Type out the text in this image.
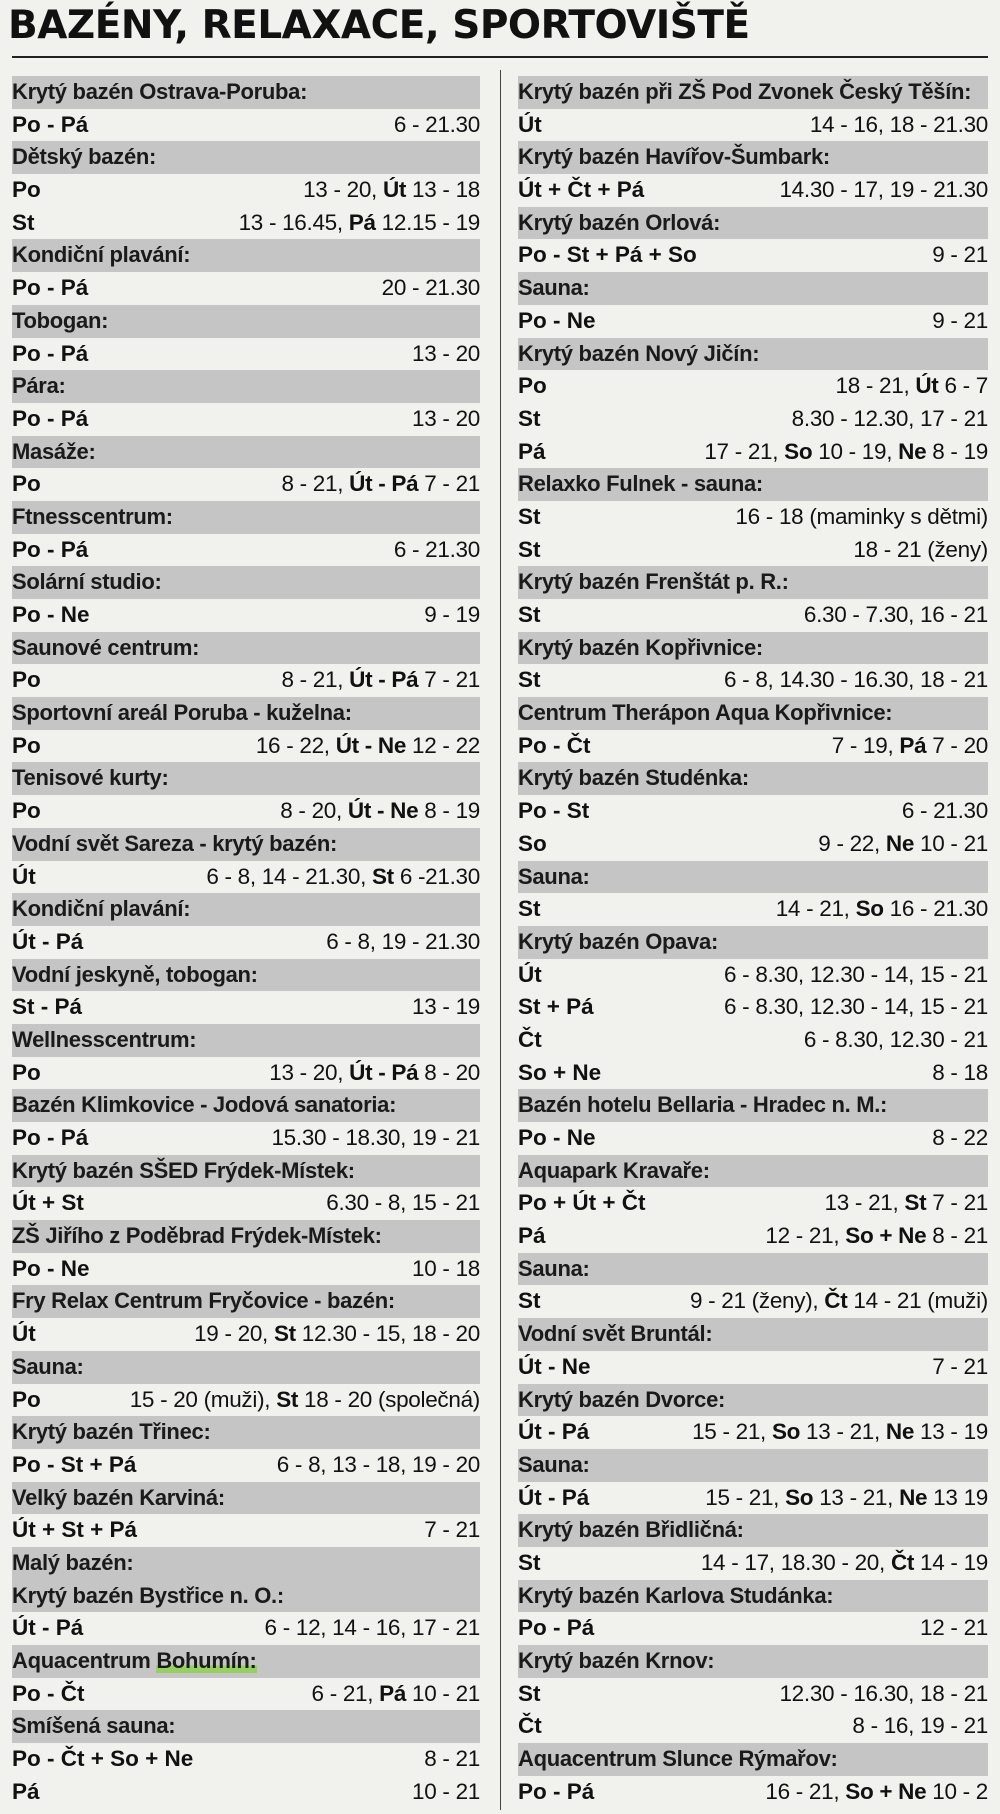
BAZÉNY, RELAXACE, SPORTOVIŠTĚ
Krytý bazén Ostrava-Poruba:
Po - Pá	6 - 21.30
Dětský bazén:
Po	13 - 20, Út 13 - 18
St	13 - 16.45, Pá 12.15 - 19
Kondiční plavání:
Po - Pá	20 - 21.30
Tobogan:
Po - Pá	13 - 20
Pára:
Po - Pá	13 - 20
Masáže:
Po	8 - 21, Út - Pá 7 - 21
Ftnesscentrum:
Po - Pá	6 - 21.30
Solární studio:
Po - Ne	9 - 19
Saunové centrum:
Po	8 - 21, Út - Pá 7 - 21
Sportovní areál Poruba - kuželna:
Po	16 - 22, Út - Ne 12 - 22
Tenisové kurty:
Po	8 - 20, Út - Ne 8 - 19
Vodní svět Sareza - krytý bazén:
Út	6 - 8, 14 - 21.30, St 6 -21.30
Kondiční plavání:
Út - Pá	6 - 8, 19 - 21.30
Vodní jeskyně, tobogan:
St - Pá	13 - 19
Wellnesscentrum:
Po	13 - 20, Út - Pá 8 - 20
Bazén Klimkovice - Jodová sanatoria:
Po - Pá	15.30 - 18.30, 19 - 21
Krytý bazén SŠED Frýdek-Místek:
Út + St	6.30 - 8, 15 - 21
ZŠ Jiřího z Poděbrad Frýdek-Místek:
Po - Ne	10 - 18
Fry Relax Centrum Fryčovice - bazén:
Út	19 - 20, St 12.30 - 15, 18 - 20
Sauna:
Po	15 - 20 (muži), St 18 - 20 (společná)
Krytý bazén Třinec:
Po - St + Pá	6 - 8, 13 - 18, 19 - 20
Velký bazén Karviná:
Út + St + Pá	7 - 21
Malý bazén:
Krytý bazén Bystřice n. O.:
Út - Pá	6 - 12, 14 - 16, 17 - 21
Aquacentrum Bohumín:
Po - Čt	6 - 21, Pá 10 - 21
Smíšená sauna:
Po - Čt + So + Ne	8 - 21
Pá	10 - 21
Krytý bazén při ZŠ Pod Zvonek Český Těšín:
Út	14 - 16, 18 - 21.30
Krytý bazén Havířov-Šumbark:
Út + Čt + Pá	14.30 - 17, 19 - 21.30
Krytý bazén Orlová:
Po - St + Pá + So	9 - 21
Sauna:
Po - Ne	9 - 21
Krytý bazén Nový Jičín:
Po	18 - 21, Út 6 - 7
St	8.30 - 12.30, 17 - 21
Pá	17 - 21, So 10 - 19, Ne 8 - 19
Relaxko Fulnek - sauna:
St	16 - 18 (maminky s dětmi)
St	18 - 21 (ženy)
Krytý bazén Frenštát p. R.:
St	6.30 - 7.30, 16 - 21
Krytý bazén Kopřivnice:
St	6 - 8, 14.30 - 16.30, 18 - 21
Centrum Therápon Aqua Kopřivnice:
Po - Čt	7 - 19, Pá 7 - 20
Krytý bazén Studénka:
Po - St	6 - 21.30
So	9 - 22, Ne 10 - 21
Sauna:
St	14 - 21, So 16 - 21.30
Krytý bazén Opava:
Út	6 - 8.30, 12.30 - 14, 15 - 21
St + Pá	6 - 8.30, 12.30 - 14, 15 - 21
Čt	6 - 8.30, 12.30 - 21
So + Ne	8 - 18
Bazén hotelu Bellaria - Hradec n. M.:
Po - Ne	8 - 22
Aquapark Kravaře:
Po + Út + Čt	13 - 21, St 7 - 21
Pá	12 - 21, So + Ne 8 - 21
Sauna:
St	9 - 21 (ženy), Čt 14 - 21 (muži)
Vodní svět Bruntál:
Út - Ne	7 - 21
Krytý bazén Dvorce:
Út - Pá	15 - 21, So 13 - 21, Ne 13 - 19
Sauna:
Út - Pá	15 - 21, So 13 - 21, Ne 13 19
Krytý bazén Břidličná:
St	14 - 17, 18.30 - 20, Čt 14 - 19
Krytý bazén Karlova Studánka:
Po - Pá	12 - 21
Krytý bazén Krnov:
St	12.30 - 16.30, 18 - 21
Čt	8 - 16, 19 - 21
Aquacentrum Slunce Rýmařov:
Po - Pá	16 - 21, So + Ne 10 - 2
